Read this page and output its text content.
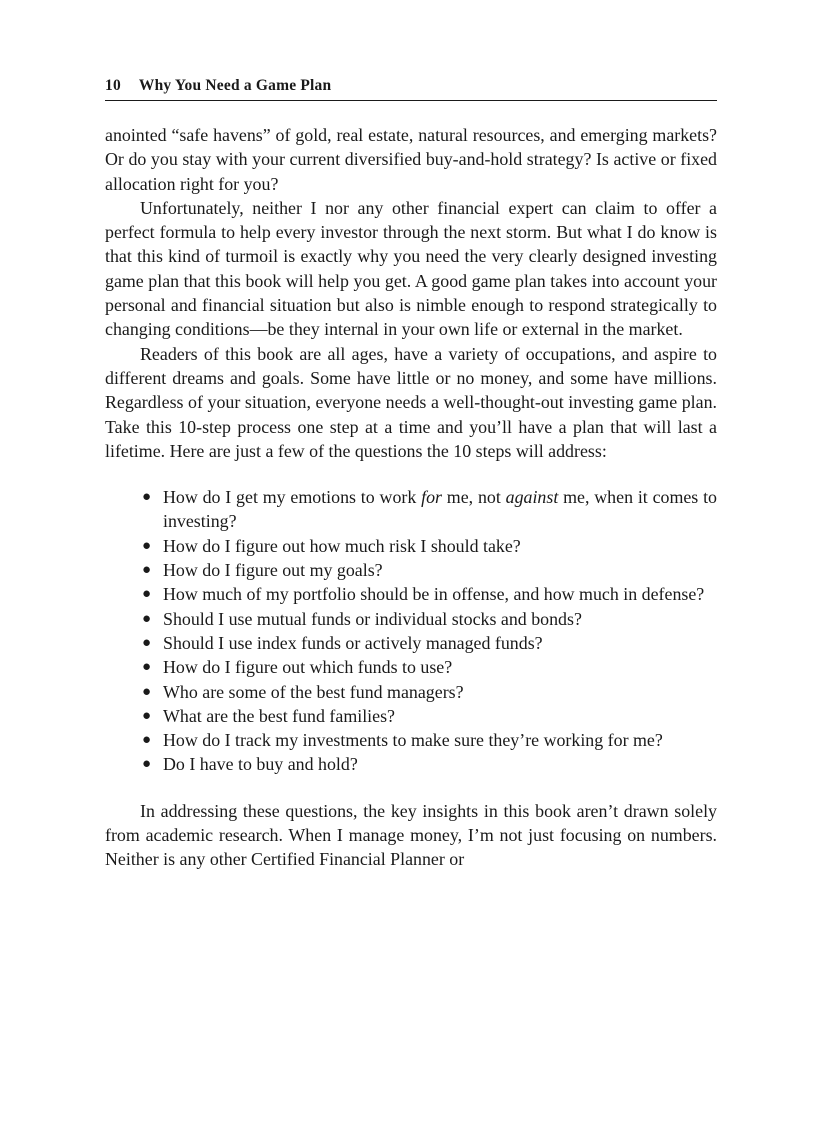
10 Why You Need a Game Plan

anointed “safe havens” of gold, real estate, natural resources, and emerging markets? Or do you stay with your current diversified buy-and-hold strategy? Is active or fixed allocation right for you?

Unfortunately, neither I nor any other financial expert can claim to offer a perfect formula to help every investor through the next storm. But what I do know is that this kind of turmoil is exactly why you need the very clearly designed investing game plan that this book will help you get. A good game plan takes into account your personal and financial situation but also is nimble enough to respond strategically to changing conditions—be they internal in your own life or external in the market.

Readers of this book are all ages, have a variety of occupations, and aspire to different dreams and goals. Some have little or no money, and some have millions. Regardless of your situation, everyone needs a well-thought-out investing game plan. Take this 10-step process one step at a time and you’ll have a plan that will last a lifetime. Here are just a few of the questions the 10 steps will address:

● How do I get my emotions to work for me, not against me, when it comes to investing?
● How do I figure out how much risk I should take?
● How do I figure out my goals?
● How much of my portfolio should be in offense, and how much in defense?
● Should I use mutual funds or individual stocks and bonds?
● Should I use index funds or actively managed funds?
● How do I figure out which funds to use?
● Who are some of the best fund managers?
● What are the best fund families?
● How do I track my investments to make sure they’re working for me?
● Do I have to buy and hold?

In addressing these questions, the key insights in this book aren’t drawn solely from academic research. When I manage money, I’m not just focusing on numbers. Neither is any other Certified Financial Planner or
